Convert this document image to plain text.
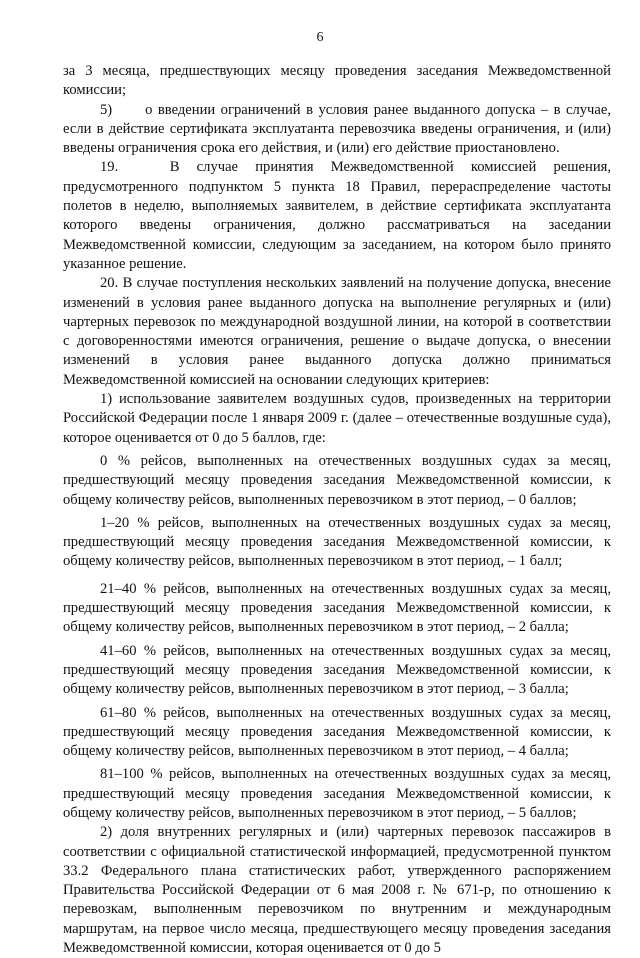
6

за 3 месяца, предшествующих месяцу проведения заседания Межведомственной комиссии;

5)      о введении ограничений в условия ранее выданного допуска – в случае, если в действие сертификата эксплуатанта перевозчика введены ограничения, и (или) введены ограничения срока его действия, и (или) его действие приостановлено.

19.   В случае принятия Межведомственной комиссией решения, предусмотренного подпунктом 5 пункта 18 Правил, перераспределение частоты полетов в неделю, выполняемых заявителем, в действие сертификата эксплуатанта которого введены ограничения, должно рассматриваться на заседании Межведомственной комиссии, следующим за заседанием, на котором было принято указанное решение.

20. В случае поступления нескольких заявлений на получение допуска, внесение изменений в условия ранее выданного допуска на выполнение регулярных и (или) чартерных перевозок по международной воздушной линии, на которой в соответствии с договоренностями имеются ограничения, решение о выдаче допуска, о внесении изменений в условия ранее выданного допуска должно приниматься Межведомственной комиссией на основании следующих критериев:

1) использование заявителем воздушных судов, произведенных на территории Российской Федерации после 1 января 2009 г. (далее – отечественные воздушные суда), которое оценивается от 0 до 5 баллов, где:

0 % рейсов, выполненных на отечественных воздушных судах за месяц, предшествующий месяцу проведения заседания Межведомственной комиссии, к общему количеству рейсов, выполненных перевозчиком в этот период, – 0 баллов;

1–20 % рейсов, выполненных на отечественных воздушных судах за месяц, предшествующий месяцу проведения заседания Межведомственной комиссии, к общему количеству рейсов, выполненных перевозчиком в этот период, – 1 балл;

21–40 % рейсов, выполненных на отечественных воздушных судах за месяц, предшествующий месяцу проведения заседания Межведомственной комиссии, к общему количеству рейсов, выполненных перевозчиком в этот период, – 2 балла;

41–60 % рейсов, выполненных на отечественных воздушных судах за месяц, предшествующий месяцу проведения заседания Межведомственной комиссии, к общему количеству рейсов, выполненных перевозчиком в этот период, – 3 балла;

61–80 % рейсов, выполненных на отечественных воздушных судах за месяц, предшествующий месяцу проведения заседания Межведомственной комиссии, к общему количеству рейсов, выполненных перевозчиком в этот период, – 4 балла;

81–100 % рейсов, выполненных на отечественных воздушных судах за месяц, предшествующий месяцу проведения заседания Межведомственной комиссии, к общему количеству рейсов, выполненных перевозчиком в этот период, – 5 баллов;

2) доля внутренних регулярных и (или) чартерных перевозок пассажиров в соответствии с официальной статистической информацией, предусмотренной пунктом 33.2 Федерального плана статистических работ, утвержденного распоряжением Правительства Российской Федерации от 6 мая 2008 г. № 671-р, по отношению к перевозкам, выполненным перевозчиком по внутренним и международным маршрутам, на первое число месяца, предшествующего месяцу проведения заседания Межведомственной комиссии, которая оценивается от 0 до 5
